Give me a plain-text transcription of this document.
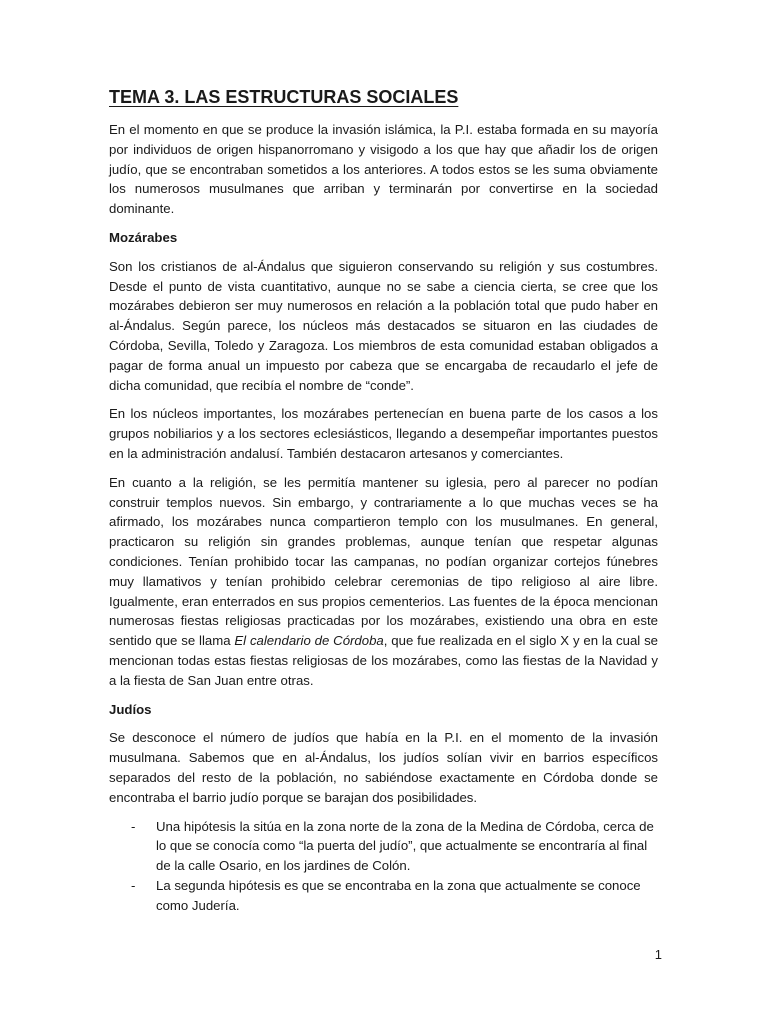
TEMA 3. LAS ESTRUCTURAS SOCIALES

En el momento en que se produce la invasión islámica, la P.I. estaba formada en su mayoría por individuos de origen hispanorromano y visigodo a los que hay que añadir los de origen judío, que se encontraban sometidos a los anteriores. A todos estos se les suma obviamente los numerosos musulmanes que arriban y terminarán por convertirse en la sociedad dominante.

Mozárabes

Son los cristianos de al-Ándalus que siguieron conservando su religión y sus costumbres. Desde el punto de vista cuantitativo, aunque no se sabe a ciencia cierta, se cree que los mozárabes debieron ser muy numerosos en relación a la población total que pudo haber en al-Ándalus. Según parece, los núcleos más destacados se situaron en las ciudades de Córdoba, Sevilla, Toledo y Zaragoza. Los miembros de esta comunidad estaban obligados a pagar de forma anual un impuesto por cabeza que se encargaba de recaudarlo el jefe de dicha comunidad, que recibía el nombre de “conde”.

En los núcleos importantes, los mozárabes pertenecían en buena parte de los casos a los grupos nobiliarios y a los sectores eclesiásticos, llegando a desempeñar importantes puestos en la administración andalusí. También destacaron artesanos y comerciantes.

En cuanto a la religión, se les permitía mantener su iglesia, pero al parecer no podían construir templos nuevos. Sin embargo, y contrariamente a lo que muchas veces se ha afirmado, los mozárabes nunca compartieron templo con los musulmanes. En general, practicaron su religión sin grandes problemas, aunque tenían que respetar algunas condiciones. Tenían prohibido tocar las campanas, no podían organizar cortejos fúnebres muy llamativos y tenían prohibido celebrar ceremonias de tipo religioso al aire libre. Igualmente, eran enterrados en sus propios cementerios. Las fuentes de la época mencionan numerosas fiestas religiosas practicadas por los mozárabes, existiendo una obra en este sentido que se llama El calendario de Córdoba, que fue realizada en el siglo X y en la cual se mencionan todas estas fiestas religiosas de los mozárabes, como las fiestas de la Navidad y a la fiesta de San Juan entre otras.

Judíos

Se desconoce el número de judíos que había en la P.I. en el momento de la invasión musulmana. Sabemos que en al-Ándalus, los judíos solían vivir en barrios específicos separados del resto de la población, no sabiéndose exactamente en Córdoba donde se encontraba el barrio judío porque se barajan dos posibilidades.

- Una hipótesis la sitúa en la zona norte de la zona de la Medina de Córdoba, cerca de lo que se conocía como “la puerta del judío”, que actualmente se encontraría al final de la calle Osario, en los jardines de Colón.
- La segunda hipótesis es que se encontraba en la zona que actualmente se conoce como Judería.
1
